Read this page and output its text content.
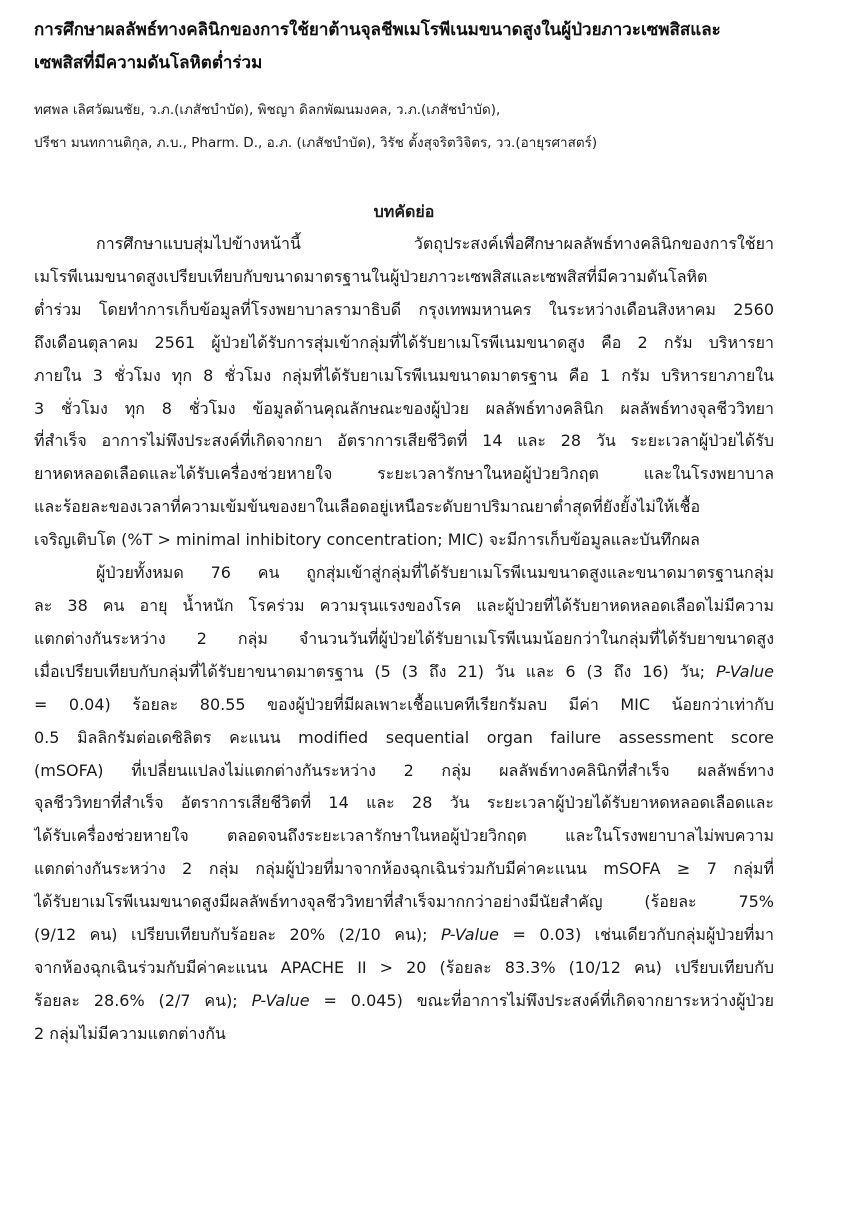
การศึกษาผลลัพธ์ทางคลินิกของการใช้ยาต้านจุลชีพเมโรพีเนมขนาดสูงในผู้ป่วยภาวะเซพสิสและ
เซพสิสที่มีความดันโลหิตต่ำร่วม
ทศพล เลิศวัฒนชัย, ว.ภ.(เภสัชบำบัด), พิชญา ดิลกพัฒนมงคล, ว.ภ.(เภสัชบำบัด),
ปรีชา มนทกานติกุล, ภ.บ., Pharm. D., อ.ภ. (เภสัชบำบัด), วิรัช ตั้งสุจริตวิจิตร, วว.(อายุรศาสตร์)
บทคัดย่อ
การศึกษาแบบสุ่มไปข้างหน้านี้ วัตถุประสงค์เพื่อศึกษาผลลัพธ์ทางคลินิกของการใช้ยา
เมโรพีเนมขนาดสูงเปรียบเทียบกับขนาดมาตรฐานในผู้ป่วยภาวะเซพสิสและเซพสิสที่มีความดันโลหิต
ต่ำร่วม โดยทำการเก็บข้อมูลที่โรงพยาบาลรามาธิบดี กรุงเทพมหานคร ในระหว่างเดือนสิงหาคม 2560
ถึงเดือนตุลาคม 2561 ผู้ป่วยได้รับการสุ่มเข้ากลุ่มที่ได้รับยาเมโรพีเนมขนาดสูง คือ 2 กรัม บริหารยา
ภายใน 3 ชั่วโมง ทุก 8 ชั่วโมง กลุ่มที่ได้รับยาเมโรพีเนมขนาดมาตรฐาน คือ 1 กรัม บริหารยาภายใน
3 ชั่วโมง ทุก 8 ชั่วโมง ข้อมูลด้านคุณลักษณะของผู้ป่วย ผลลัพธ์ทางคลินิก ผลลัพธ์ทางจุลชีววิทยา
ที่สำเร็จ อาการไม่พึงประสงค์ที่เกิดจากยา อัตราการเสียชีวิตที่ 14 และ 28 วัน ระยะเวลาผู้ป่วยได้รับ
ยาหดหลอดเลือดและได้รับเครื่องช่วยหายใจ ระยะเวลารักษาในหอผู้ป่วยวิกฤต และในโรงพยาบาล
และร้อยละของเวลาที่ความเข้มข้นของยาในเลือดอยู่เหนือระดับยาปริมาณยาต่ำสุดที่ยังยั้งไม่ให้เชื้อ
เจริญเติบโต (%T > minimal inhibitory concentration; MIC) จะมีการเก็บข้อมูลและบันทึกผล
ผู้ป่วยทั้งหมด 76 คน ถูกสุ่มเข้าสู่กลุ่มที่ได้รับยาเมโรพีเนมขนาดสูงและขนาดมาตรฐานกลุ่ม
ละ 38 คน อายุ น้ำหนัก โรคร่วม ความรุนแรงของโรค และผู้ป่วยที่ได้รับยาหดหลอดเลือดไม่มีความ
แตกต่างกันระหว่าง 2 กลุ่ม จำนวนวันที่ผู้ป่วยได้รับยาเมโรพีเนมน้อยกว่าในกลุ่มที่ได้รับยาขนาดสูง
เมื่อเปรียบเทียบกับกลุ่มที่ได้รับยาขนาดมาตรฐาน (5 (3 ถึง 21) วัน และ 6 (3 ถึง 16) วัน; P-Value
= 0.04) ร้อยละ 80.55 ของผู้ป่วยที่มีผลเพาะเชื้อแบคทีเรียกรัมลบ มีค่า MIC น้อยกว่าเท่ากับ
0.5 มิลลิกรัมต่อเดซิลิตร คะแนน modified sequential organ failure assessment score
(mSOFA) ที่เปลี่ยนแปลงไม่แตกต่างกันระหว่าง 2 กลุ่ม ผลลัพธ์ทางคลินิกที่สำเร็จ ผลลัพธ์ทาง
จุลชีววิทยาที่สำเร็จ อัตราการเสียชีวิตที่ 14 และ 28 วัน ระยะเวลาผู้ป่วยได้รับยาหดหลอดเลือดและ
ได้รับเครื่องช่วยหายใจ ตลอดจนถึงระยะเวลารักษาในหอผู้ป่วยวิกฤต และในโรงพยาบาลไม่พบความ
แตกต่างกันระหว่าง 2 กลุ่ม กลุ่มผู้ป่วยที่มาจากห้องฉุกเฉินร่วมกับมีค่าคะแนน mSOFA ≥ 7 กลุ่มที่
ได้รับยาเมโรพีเนมขนาดสูงมีผลลัพธ์ทางจุลชีววิทยาที่สำเร็จมากกว่าอย่างมีนัยสำคัญ (ร้อยละ 75%
(9/12 คน) เปรียบเทียบกับร้อยละ 20% (2/10 คน); P-Value = 0.03) เช่นเดียวกับกลุ่มผู้ป่วยที่มา
จากห้องฉุกเฉินร่วมกับมีค่าคะแนน APACHE II > 20 (ร้อยละ 83.3% (10/12 คน) เปรียบเทียบกับ
ร้อยละ 28.6% (2/7 คน); P-Value = 0.045) ขณะที่อาการไม่พึงประสงค์ที่เกิดจากยาระหว่างผู้ป่วย
2 กลุ่มไม่มีความแตกต่างกัน
